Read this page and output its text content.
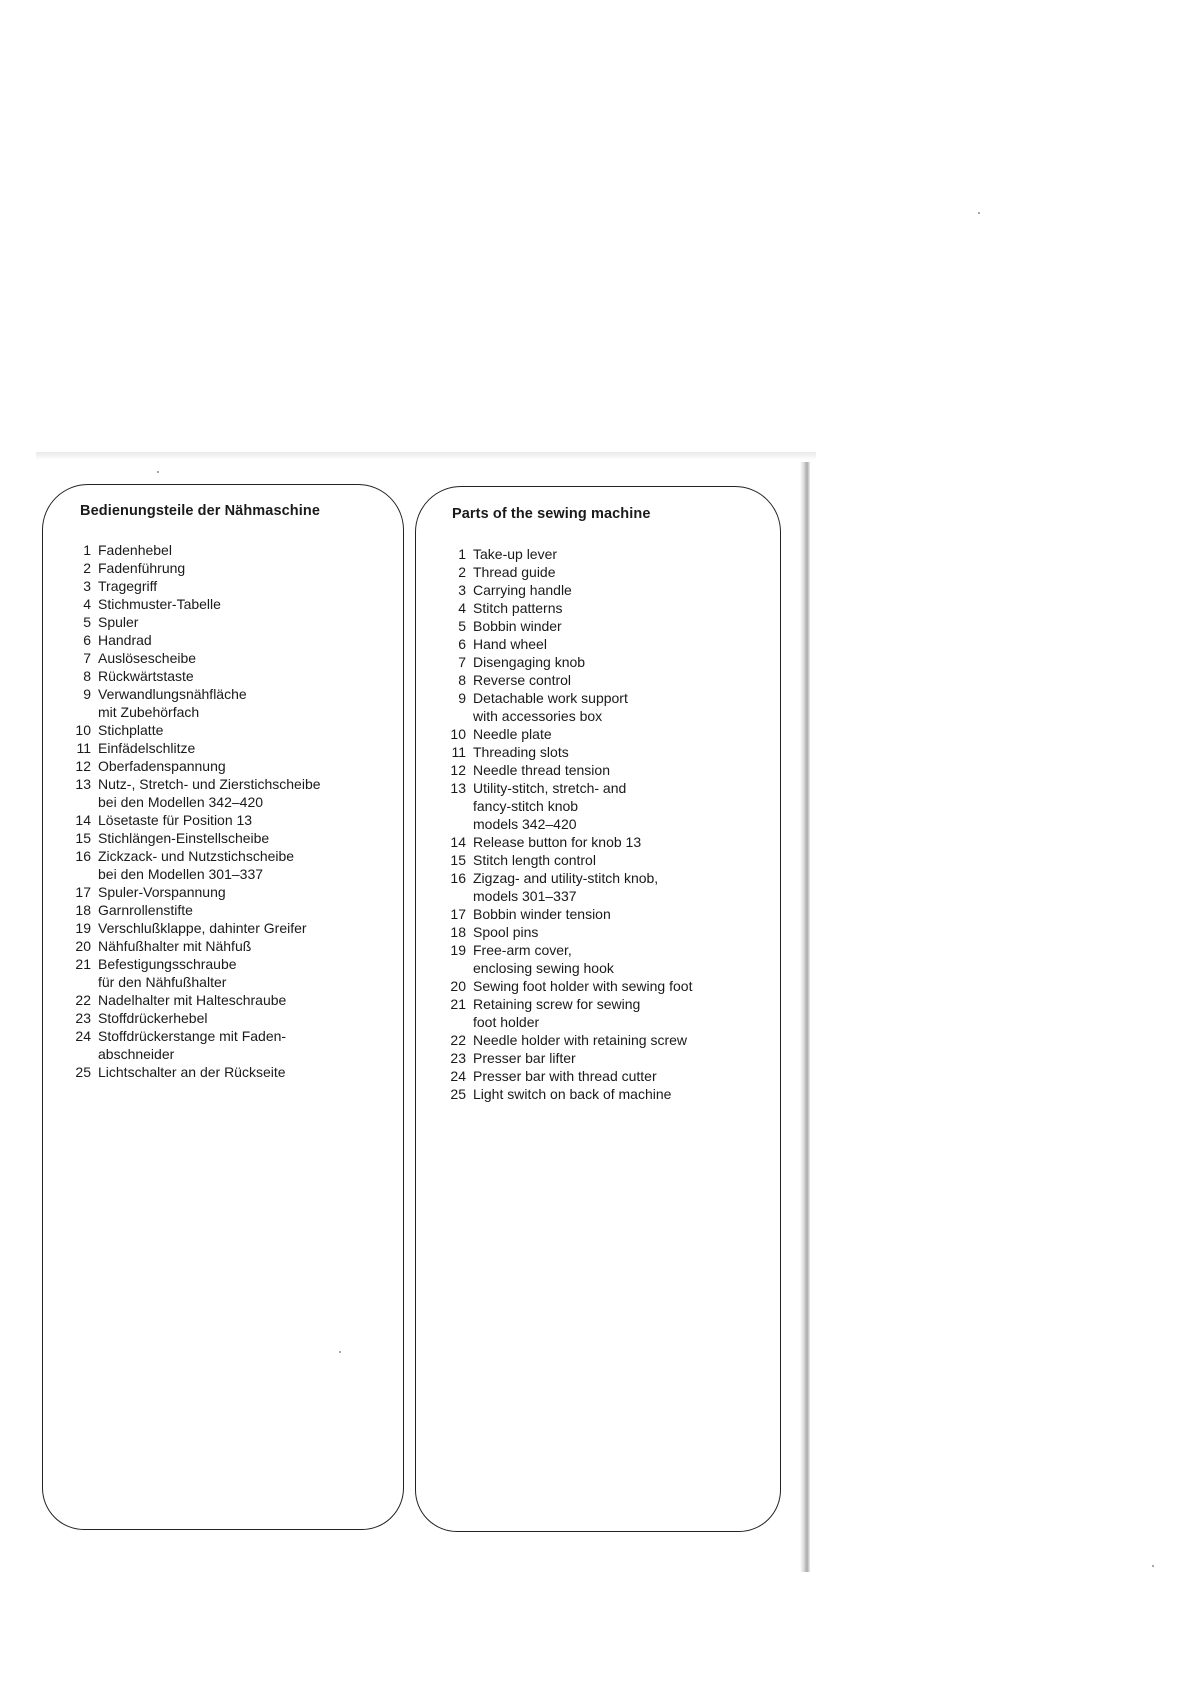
Bedienungsteile der Nähmaschine
1 Fadenhebel
2 Fadenführung
3 Tragegriff
4 Stichmuster-Tabelle
5 Spuler
6 Handrad
7 Auslösescheibe
8 Rückwärtstaste
9 Verwandlungsnähfläche
mit Zubehörfach
10 Stichplatte
11 Einfädelschlitze
12 Oberfadenspannung
13 Nutz-, Stretch- und Zierstichscheibe
bei den Modellen 342–420
14 Lösetaste für Position 13
15 Stichlängen-Einstellscheibe
16 Zickzack- und Nutzstichscheibe
bei den Modellen 301–337
17 Spuler-Vorspannung
18 Garnrollenstifte
19 Verschlußklappe, dahinter Greifer
20 Nähfußhalter mit Nähfuß
21 Befestigungsschraube
für den Nähfußhalter
22 Nadelhalter mit Halteschraube
23 Stoffdrückerhebel
24 Stoffdrückerstange mit Faden-
abschneider
25 Lichtschalter an der Rückseite
Parts of the sewing machine
1 Take-up lever
2 Thread guide
3 Carrying handle
4 Stitch patterns
5 Bobbin winder
6 Hand wheel
7 Disengaging knob
8 Reverse control
9 Detachable work support
with accessories box
10 Needle plate
11 Threading slots
12 Needle thread tension
13 Utility-stitch, stretch- and
fancy-stitch knob
models 342–420
14 Release button for knob 13
15 Stitch length control
16 Zigzag- and utility-stitch knob,
models 301–337
17 Bobbin winder tension
18 Spool pins
19 Free-arm cover,
enclosing sewing hook
20 Sewing foot holder with sewing foot
21 Retaining screw for sewing
foot holder
22 Needle holder with retaining screw
23 Presser bar lifter
24 Presser bar with thread cutter
25 Light switch on back of machine
